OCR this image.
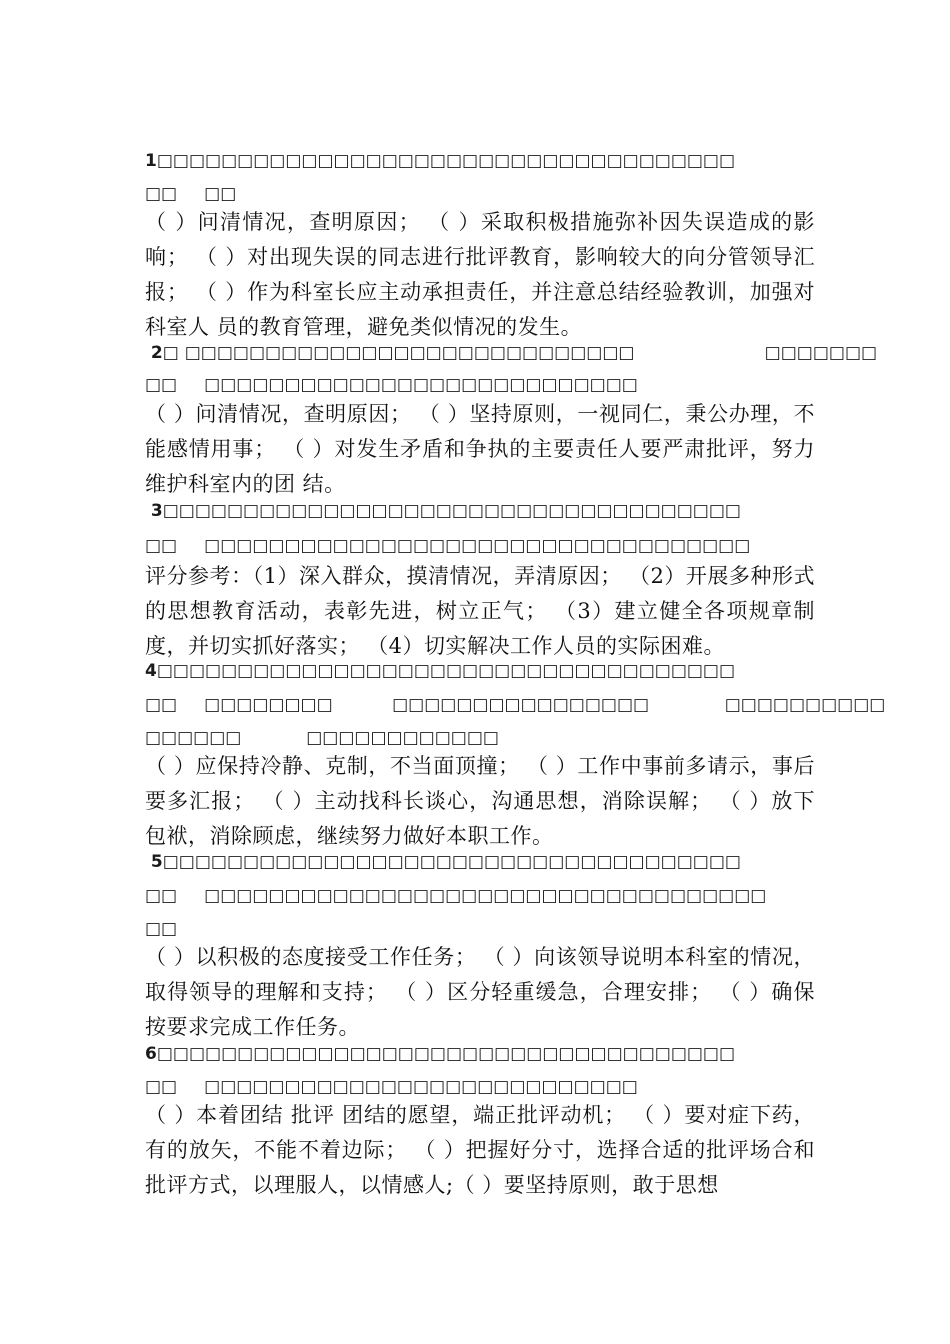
1□□□□□□□□□□□□□□□□□□□□□□□□□□□□□□□□□□□□
□□     □□

（ ）问清情况，查明原因； （ ）采取积极措施弥补因失误造成的影响； （ ）对出现失误的同志进行批评教育，影响较大的向分管领导汇报； （ ）作为科室长应主动承担责任，并注意总结经验教训，加强对科室人 员的教育管理，避免类似情况的发生。

2□ □□□□□□□□□□□□□□□□□□□□□□□□□□□□                      □□□□□□□
□□     □□□□□□□□□□□□□□□□□□□□□□□□□□□

（ ）问清情况，查明原因； （ ）坚持原则，一视同仁，秉公办理，不能感情用事； （ ）对发生矛盾和争执的主要责任人要严肃批评，努力维护科室内的团 结。

3□□□□□□□□□□□□□□□□□□□□□□□□□□□□□□□□□□□□
□□     □□□□□□□□□□□□□□□□□□□□□□□□□□□□□□□□□□

评分参考：（1）深入群众，摸清情况，弄清原因； （2）开展多种形式的思想教育活动，表彰先进，树立正气； （3）建立健全各项规章制度，并切实抓好落实； （4）切实解决工作人员的实际困难。

4□□□□□□□□□□□□□□□□□□□□□□□□□□□□□□□□□□□□
□□     □□□□□□□□           □□□□□□□□□□□□□□□□              □□□□□□□□□□
□□□□□□            □□□□□□□□□□□□

（ ）应保持冷静、克制，不当面顶撞； （ ）工作中事前多请示，事后要多汇报； （ ）主动找科长谈心，沟通思想，消除误解； （ ）放下包袱，消除顾虑，继续努力做好本职工作。

5□□□□□□□□□□□□□□□□□□□□□□□□□□□□□□□□□□□□
□□     □□□□□□□□□□□□□□□□□□□□□□□□□□□□□□□□□□□
□□

（ ）以积极的态度接受工作任务； （ ）向该领导说明本科室的情况，取得领导的理解和支持； （ ）区分轻重缓急，合理安排； （ ）确保按要求完成工作任务。

6□□□□□□□□□□□□□□□□□□□□□□□□□□□□□□□□□□□□
□□     □□□□□□□□□□□□□□□□□□□□□□□□□□□

（ ）本着团结 批评 团结的愿望，端正批评动机； （ ）要对症下药，有的放矢，不能不着边际； （ ）把握好分寸，选择合适的批评场合和批评方式，以理服人，以情感人;（ ）要坚持原则，敢于思想
